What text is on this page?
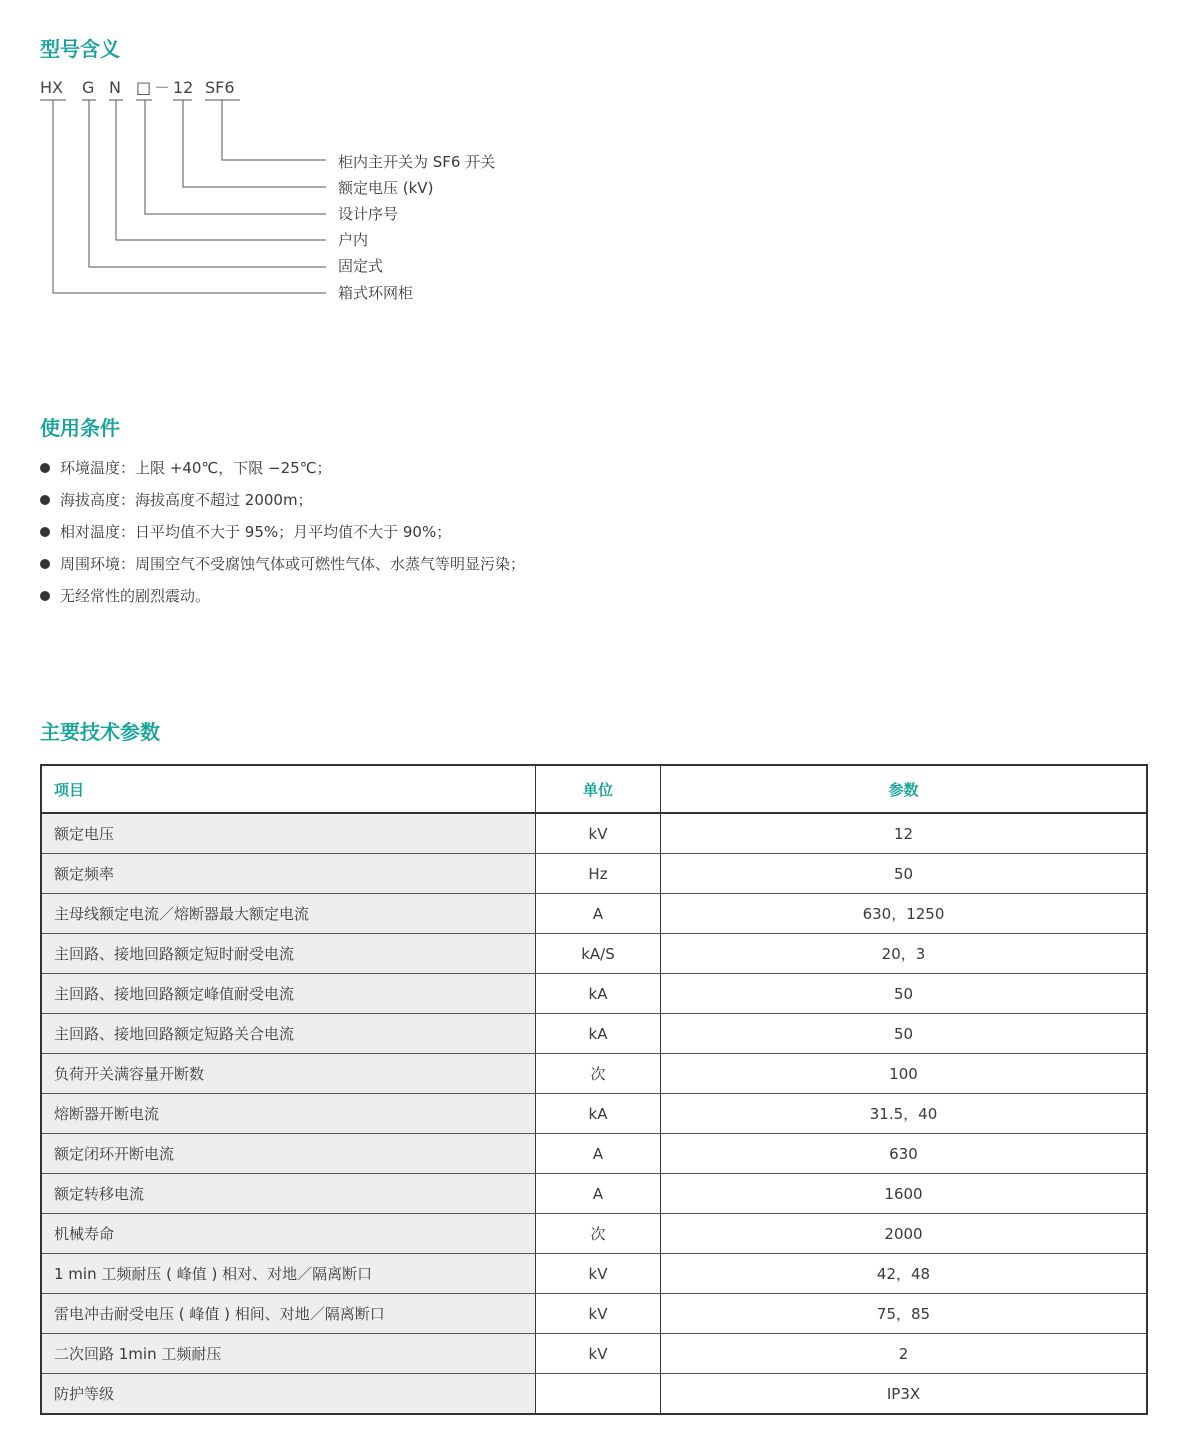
型号含义
HX G N □ － 12 SF6
柜内主开关为 SF6 开关
额定电压 (kV)
设计序号
户内
固定式
箱式环网柜
使用条件
环境温度：上限 +40℃，下限 −25℃；
海拔高度：海拔高度不超过 2000m；
相对温度：日平均值不大于 95%；月平均值不大于 90%；
周围环境：周围空气不受腐蚀气体或可燃性气体、水蒸气等明显污染；
无经常性的剧烈震动。
主要技术参数
项目	单位	参数
额定电压	kV	12
额定频率	Hz	50
主母线额定电流／熔断器最大额定电流	A	630，1250
主回路、接地回路额定短时耐受电流	kA/S	20，3
主回路、接地回路额定峰值耐受电流	kA	50
主回路、接地回路额定短路关合电流	kA	50
负荷开关满容量开断数	次	100
熔断器开断电流	kA	31.5，40
额定闭环开断电流	A	630
额定转移电流	A	1600
机械寿命	次	2000
1 min 工频耐压 ( 峰值 ) 相对、对地／隔离断口	kV	42，48
雷电冲击耐受电压 ( 峰值 ) 相间、对地／隔离断口	kV	75，85
二次回路 1min 工频耐压	kV	2
防护等级		IP3X
